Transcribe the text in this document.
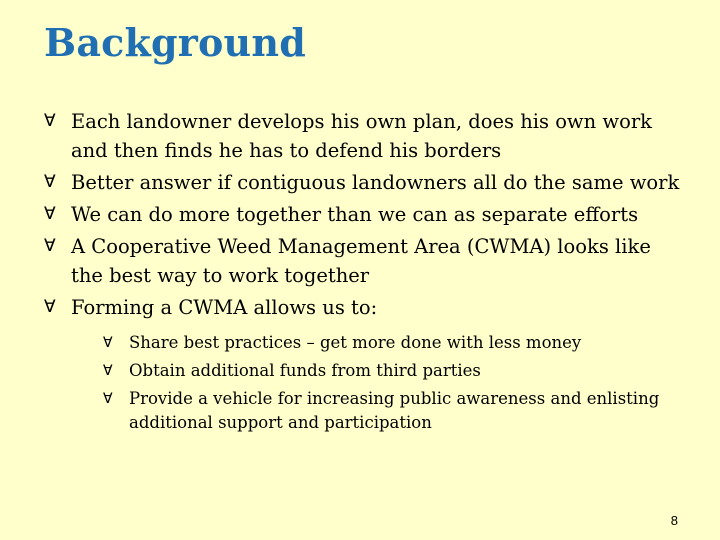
Background
Ɐ Each landowner develops his own plan, does his own work and then finds he has to defend his borders
Ɐ Better answer if contiguous landowners all do the same work
Ɐ We can do more together than we can as separate efforts
Ɐ A Cooperative Weed Management Area (CWMA) looks like the best way to work together
Ɐ Forming a CWMA allows us to:
Ɐ Share best practices – get more done with less money
Ɐ Obtain additional funds from third parties
Ɐ Provide a vehicle for increasing public awareness and enlisting additional support and participation
8
